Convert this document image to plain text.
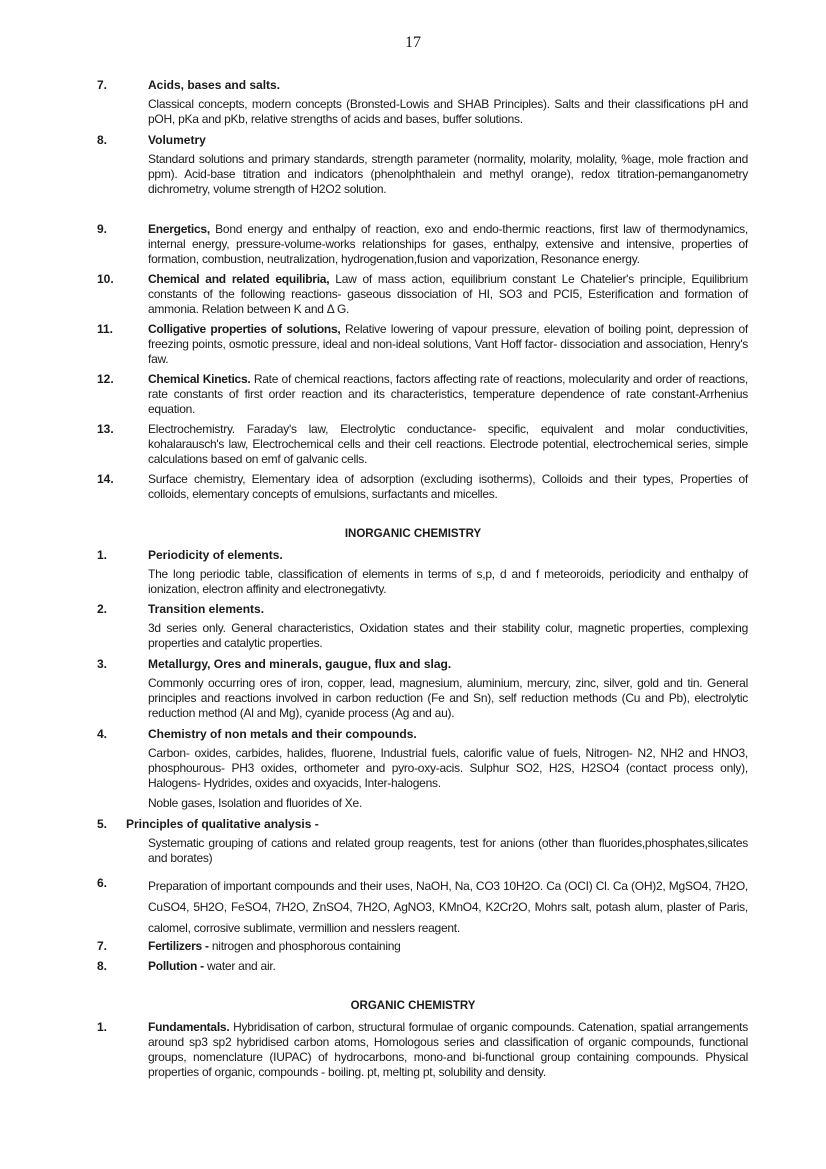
17
7.	Acids, bases and salts.
Classical concepts, modern concepts (Bronsted-Lowis and SHAB Principles). Salts and their classifications pH and pOH, pKa and pKb, relative strengths of acids and bases, buffer solutions.
8.	Volumetry
Standard solutions and primary standards, strength parameter (normality, molarity, molality, %age, mole fraction and ppm). Acid-base titration and indicators (phenolphthalein and methyl orange), redox titration-pemanganometry dichrometry, volume strength of H2O2 solution.
9.	Energetics, Bond energy and enthalpy of reaction, exo and endo-thermic reactions, first law of thermodynamics, internal energy, pressure-volume-works relationships for gases, enthalpy, extensive and intensive, properties of formation, combustion, neutralization, hydrogenation,fusion and vaporization, Resonance energy.
10.	Chemical and related equilibria, Law of mass action, equilibrium constant Le Chatelier's principle, Equilibrium constants of the following reactions- gaseous dissociation of HI, SO3 and PCI5, Esterification and formation of ammonia. Relation between K and Δ G.
11.	Colligative properties of solutions, Relative lowering of vapour pressure, elevation of boiling point, depression of freezing points, osmotic pressure, ideal and non-ideal solutions, Vant Hoff factor- dissociation and association, Henry's faw.
12.	Chemical Kinetics. Rate of chemical reactions, factors affecting rate of reactions, molecularity and order of reactions, rate constants of first order reaction and its characteristics, temperature dependence of rate constant-Arrhenius equation.
13.	Electrochemistry. Faraday's law, Electrolytic conductance- specific, equivalent and molar conductivities, kohalarausch's law, Electrochemical cells and their cell reactions. Electrode potential, electrochemical series, simple calculations based on emf of galvanic cells.
14.	Surface chemistry, Elementary idea of adsorption (excluding isotherms), Colloids and their types, Properties of colloids, elementary concepts of emulsions, surfactants and micelles.
INORGANIC CHEMISTRY
1.	Periodicity of elements.
The long periodic table, classification of elements in terms of s,p, d and f meteoroids, periodicity and enthalpy of ionization, electron affinity and electronegativty.
2.	Transition elements.
3d series only. General characteristics, Oxidation states and their stability colur, magnetic properties, complexing properties and catalytic properties.
3.	Metallurgy, Ores and minerals, gaugue, flux and slag.
Commonly occurring ores of iron, copper, lead, magnesium, aluminium, mercury, zinc, silver, gold and tin. General principles and reactions involved in carbon reduction (Fe and Sn), self reduction methods (Cu and Pb), electrolytic reduction method (Al and Mg), cyanide process (Ag and au).
4.	Chemistry of non metals and their compounds.
Carbon- oxides, carbides, halides, fluorene, Industrial fuels, calorific value of fuels, Nitrogen- N2, NH2 and HNO3, phosphourous- PH3 oxides, orthometer and pyro-oxy-acis. Sulphur SO2, H2S, H2SO4 (contact process only), Halogens- Hydrides, oxides and oxyacids, Inter-halogens.
Noble gases, Isolation and fluorides of Xe.
5. Principles of qualitative analysis -
Systematic grouping of cations and related group reagents, test for anions (other than fluorides,phosphates,silicates and borates)
6.	Preparation of important compounds and their uses, NaOH, Na, CO3 10H2O. Ca (OCI) Cl. Ca (OH)2, MgSO4, 7H2O, CuSO4, 5H2O, FeSO4, 7H2O, ZnSO4, 7H2O, AgNO3, KMnO4, K2Cr2O, Mohrs salt, potash alum, plaster of Paris, calomel, corrosive sublimate, vermillion and nesslers reagent.
7.	Fertilizers - nitrogen and phosphorous containing
8.	Pollution - water and air.
ORGANIC CHEMISTRY
1.	Fundamentals. Hybridisation of carbon, structural formulae of organic compounds. Catenation, spatial arrangements around sp3 sp2 hybridised carbon atoms, Homologous series and classification of organic compounds, functional groups, nomenclature (IUPAC) of hydrocarbons, mono-and bi-functional group containing compounds. Physical properties of organic, compounds - boiling. pt, melting pt, solubility and density.
